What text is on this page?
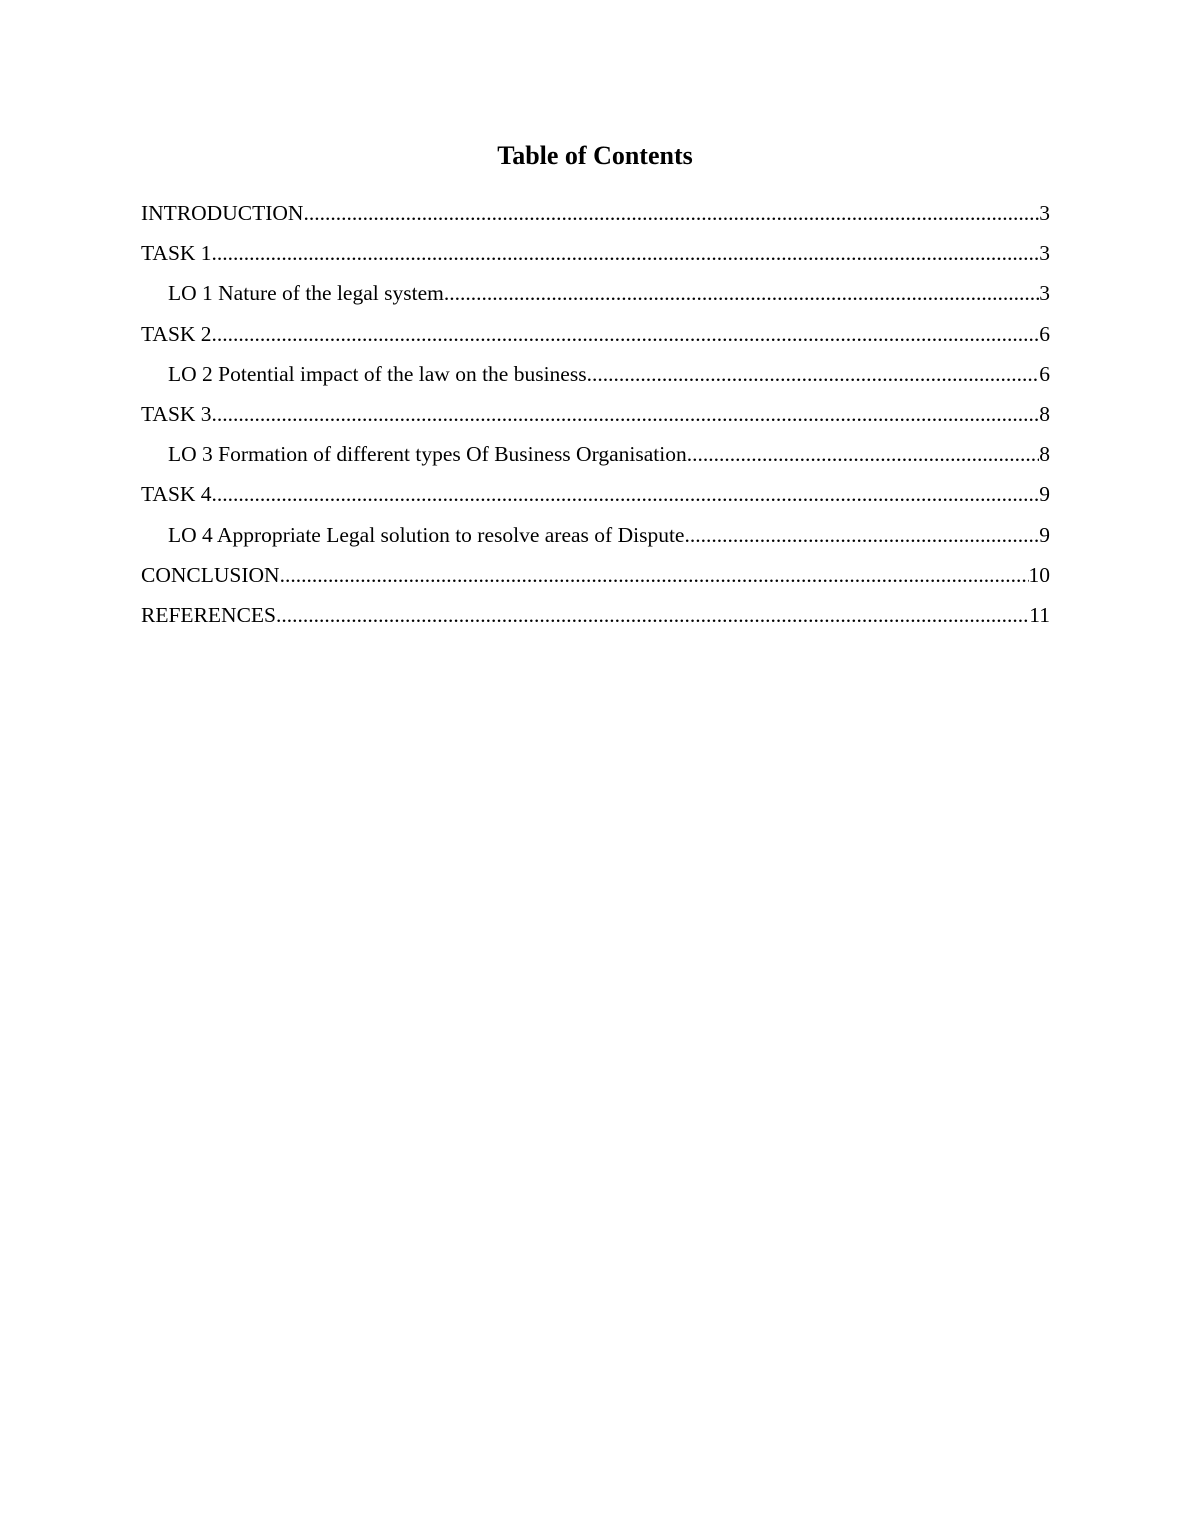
Table of Contents
INTRODUCTION .....	3
TASK 1 .....	3
LO 1 Nature of the legal system .....	3
TASK 2 .....	6
LO 2 Potential impact of the law on the business .....	6
TASK 3 .....	8
LO 3 Formation of different types Of Business Organisation .....	8
TASK 4 .....	9
LO 4 Appropriate Legal solution to resolve areas of Dispute .....	9
CONCLUSION .....	10
REFERENCES .....	11
